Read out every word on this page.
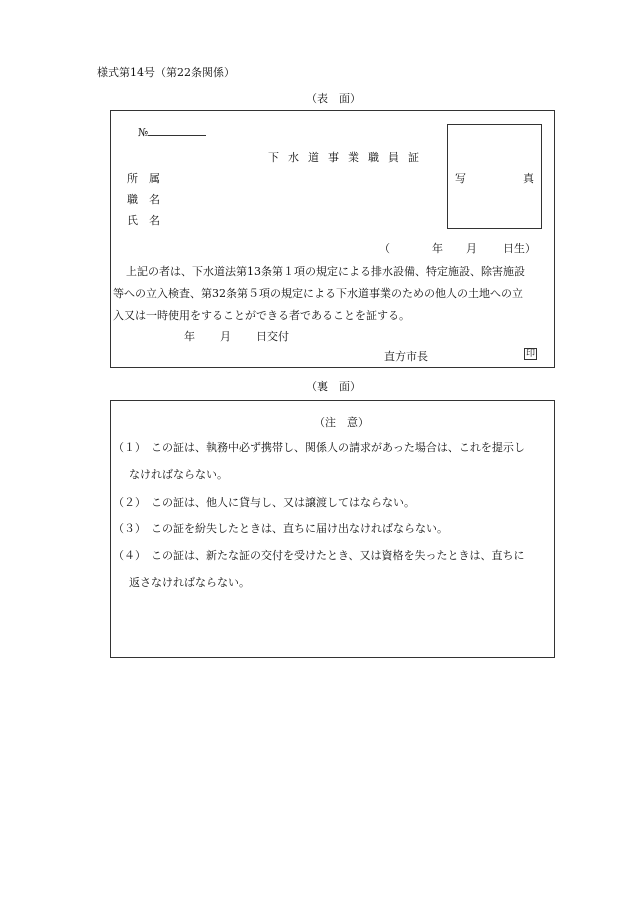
様式第14号（第22条関係）
（表　面）
№
下水道事業職員証
所　属
職　名
氏　名
写	真
（	年 月 日生）
上記の者は、下水道法第13条第１項の規定による排水設備、特定施設、除害施設
等への立入検査、第32条第５項の規定による下水道事業のための他人の土地への立
入又は一時使用をすることができる者であることを証する。
年 月 日交付
直方市長	印
（裏　面）
（注　意）
（１） この証は、執務中必ず携帯し、関係人の請求があった場合は、これを提示し
なければならない。
（２） この証は、他人に貸与し、又は譲渡してはならない。
（３） この証を紛失したときは、直ちに届け出なければならない。
（４） この証は、新たな証の交付を受けたとき、又は資格を失ったときは、直ちに
返さなければならない。
